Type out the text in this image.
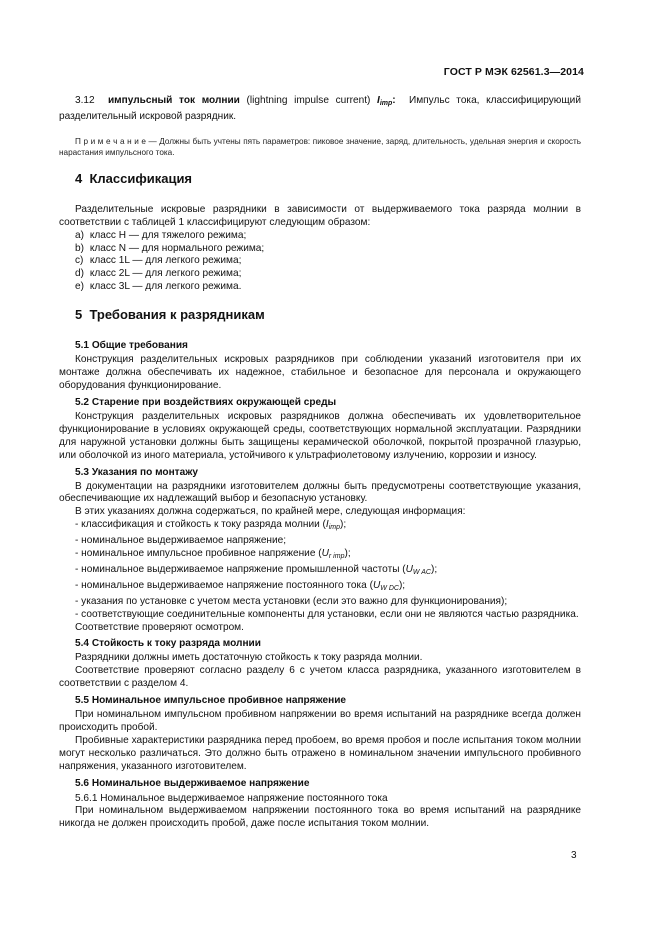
ГОСТ Р МЭК 62561.3—2014

3.12 импульсный ток молнии (lightning impulse current) $I_{imp}$: Импульс тока, классифицирующий разделительный искровой разрядник.

П р и м е ч а н и е — Должны быть учтены пять параметров: пиковое значение, заряд, длительность, удельная энергия и скорость нарастания импульсного тока.

4 Классификация

Разделительные искровые разрядники в зависимости от выдерживаемого тока разряда молнии в соответствии с таблицей 1 классифицируют следующим образом:

a) класс H — для тяжелого режима;
b) класс N — для нормального режима;
c) класс 1L — для легкого режима;
d) класс 2L — для легкого режима;
e) класс 3L — для легкого режима.
5 Требования к разрядникам
5.1 Общие требования

Конструкция разделительных искровых разрядников при соблюдении указаний изготовителя при их монтаже должна обеспечивать их надежное, стабильное и безопасное для персонала и окружающего оборудования функционирование.

5.2 Старение при воздействиях окружающей среды

Конструкция разделительных искровых разрядников должна обеспечивать их удовлетворительное функционирование в условиях окружающей среды, соответствующих нормальной эксплуатации. Разрядники для наружной установки должны быть защищены керамической оболочкой, покрытой прозрачной глазурью, или оболочкой из иного материала, устойчивого к ультрафиолетовому излучению, коррозии и износу.

5.3 Указания по монтажу

В документации на разрядники изготовителем должны быть предусмотрены соответствующие указания, обеспечивающие их надлежащий выбор и безопасную установку.

В этих указаниях должна содержаться, по крайней мере, следующая информация:

- классификация и стойкость к току разряда молнии $(I_{imp})$;

- номинальное выдерживаемое напряжение;

- номинальное импульсное пробивное напряжение $(U_{r imp})$;

- номинальное выдерживаемое напряжение промышленной частоты $(U_{W AC})$;

- номинальное выдерживаемое напряжение постоянного тока $(U_{W DC})$;

- указания по установке с учетом места установки (если это важно для функционирования);

- соответствующие соединительные компоненты для установки, если они не являются частью разрядника.

Соответствие проверяют осмотром.

5.4 Стойкость к току разряда молнии

Разрядники должны иметь достаточную стойкость к току разряда молнии.

Соответствие проверяют согласно разделу 6 с учетом класса разрядника, указанного изготовителем в соответствии с разделом 4.

5.5 Номинальное импульсное пробивное напряжение

При номинальном импульсном пробивном напряжении во время испытаний на разряднике всегда должен происходить пробой.

Пробивные характеристики разрядника перед пробоем, во время пробоя и после испытания током молнии могут несколько различаться. Это должно быть отражено в номинальном значении импульсного пробивного напряжения, указанного изготовителем.

5.6 Номинальное выдерживаемое напряжение
5.6.1 Номинальное выдерживаемое напряжение постоянного тока

При номинальном выдерживаемом напряжении постоянного тока во время испытаний на разряднике никогда не должен происходить пробой, даже после испытания током молнии.

3
